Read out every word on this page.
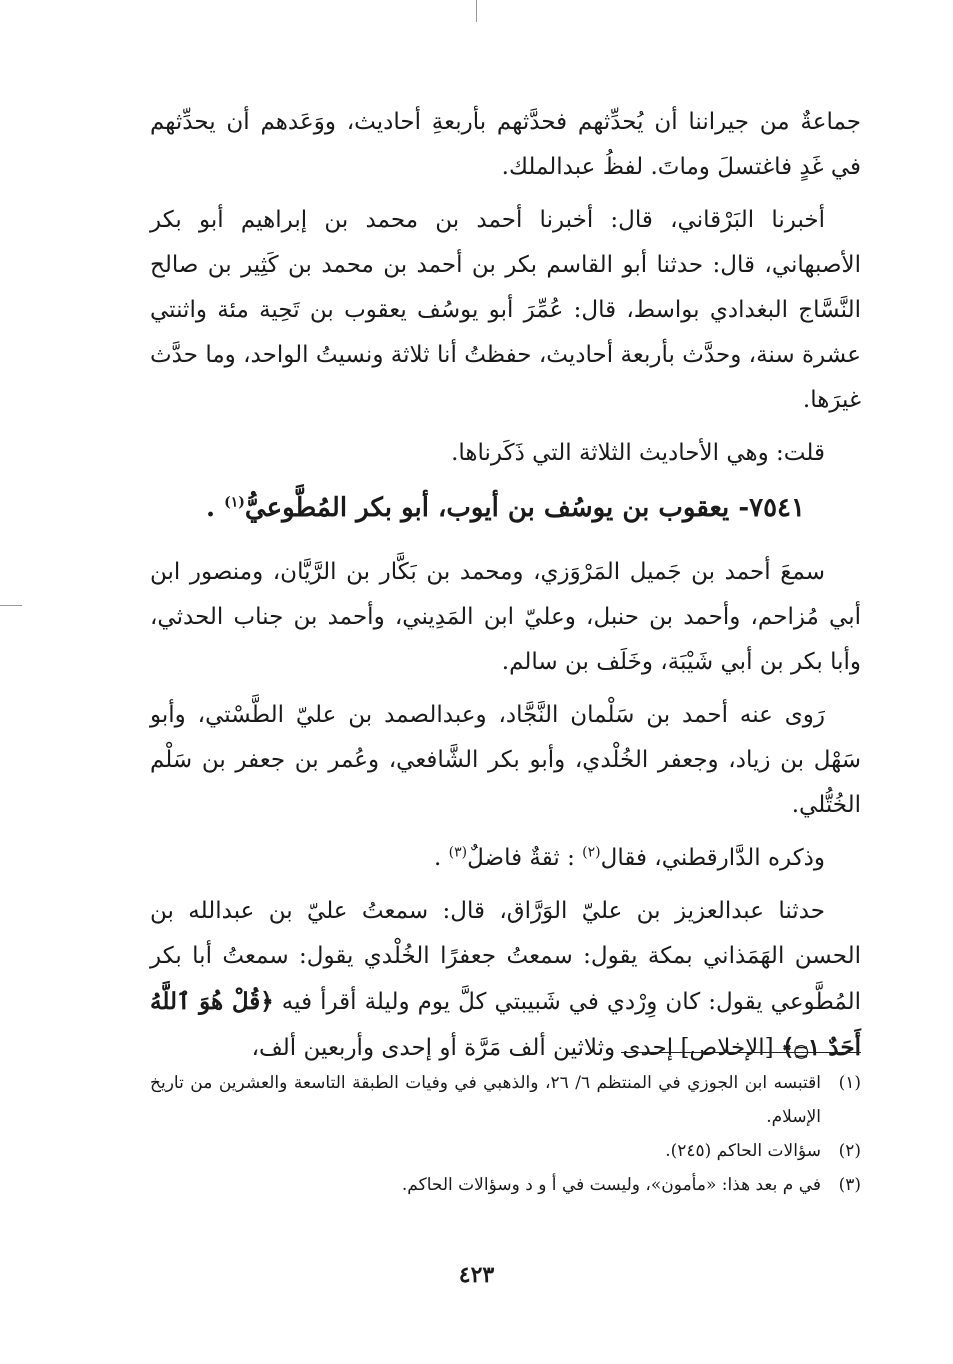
جماعةٌ من جيراننا أن يُحدِّثهم فحدَّثهم بأربعةِ أحاديث، ووَعَدهم أن يحدِّثهم في غَدٍ فاغتسلَ وماتَ. لفظُ عبدالملك.

أخبرنا البَرْقاني، قال: أخبرنا أحمد بن محمد بن إبراهيم أبو بكر الأصبهاني، قال: حدثنا أبو القاسم بكر بن أحمد بن محمد بن كَثِير بن صالح النَّسَّاج البغدادي بواسط، قال: عُمِّرَ أبو يوسُف يعقوب بن تَحِية مئة واثنتي عشرة سنة، وحدَّث بأربعة أحاديث، حفظتُ أنا ثلاثة ونسيتُ الواحد، وما حدَّث غيرَها.

قلت: وهي الأحاديث الثلاثة التي ذَكَرناها.

٧٥٤١- يعقوب بن يوسُف بن أيوب، أبو بكر المُطَّوعيُّ$^{(١)}$ .

سمعَ أحمد بن جَميل المَرْوَزي، ومحمد بن بَكَّار بن الرَّيَّان، ومنصور ابن أبي مُزاحم، وأحمد بن حنبل، وعليّ ابن المَدِيني، وأحمد بن جناب الحدثي، وأبا بكر بن أبي شَيْبَة، وخَلَف بن سالم.

رَوى عنه أحمد بن سَلْمان النَّجَّاد، وعبدالصمد بن عليّ الطَّسْتي، وأبو سَهْل بن زياد، وجعفر الخُلْدي، وأبو بكر الشَّافعي، وعُمر بن جعفر بن سَلْم الخُتُّلي.

وذكره الدَّارقطني، فقال$^{(٢)}$ : ثقةٌ فاضلٌ$^{(٣)}$ .

حدثنا عبدالعزيز بن عليّ الوَرَّاق، قال: سمعتُ عليّ بن عبدالله بن الحسن الهَمَذاني بمكة يقول: سمعتُ جعفرًا الخُلْدي يقول: سمعتُ أبا بكر المُطَّوعي يقول: كان وِرْدي في شَبيبتي كلَّ يوم وليلة أقرأ فيه ﴿قُلْ هُوَ ٱللَّهُ أَحَدٌ ۝١﴾ [الإخلاص] إحدى وثلاثين ألف مَرَّة أو إحدى وأربعين ألف،

(١)
اقتبسه ابن الجوزي في المنتظم ٦/ ٢٦، والذهبي في وفيات الطبقة التاسعة والعشرين من تاريخ الإسلام.
(٢)
سؤالات الحاكم (٢٤٥).
(٣)
في م بعد هذا: «مأمون»، وليست في أ و د وسؤالات الحاكم.
٤٢٣
